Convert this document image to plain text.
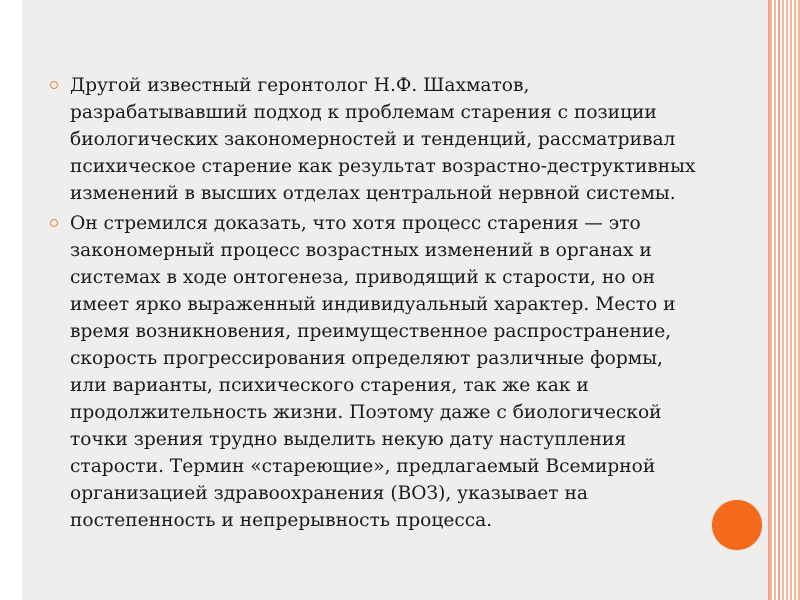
Другой известный геронтолог Н.Ф. Шахматов,
разрабатывавший подход к проблемам старения с позиции
биологических закономерностей и тенденций, рассматривал
психическое старение как результат возрастно-деструктивных
изменений в высших отделах центральной нервной системы.
Он стремился доказать, что хотя процесс старения — это
закономерный процесс возрастных изменений в органах и
системах в ходе онтогенеза, приводящий к старости, но он
имеет ярко выраженный индивидуальный характер. Место и
время возникновения, преимущественное распространение,
скорость прогрессирования определяют различные формы,
или варианты, психического старения, так же как и
продолжительность жизни. Поэтому даже с биологической
точки зрения трудно выделить некую дату наступления
старости. Термин «стареющие», предлагаемый Всемирной
организацией здравоохранения (ВОЗ), указывает на
постепенность и непрерывность процесса.
